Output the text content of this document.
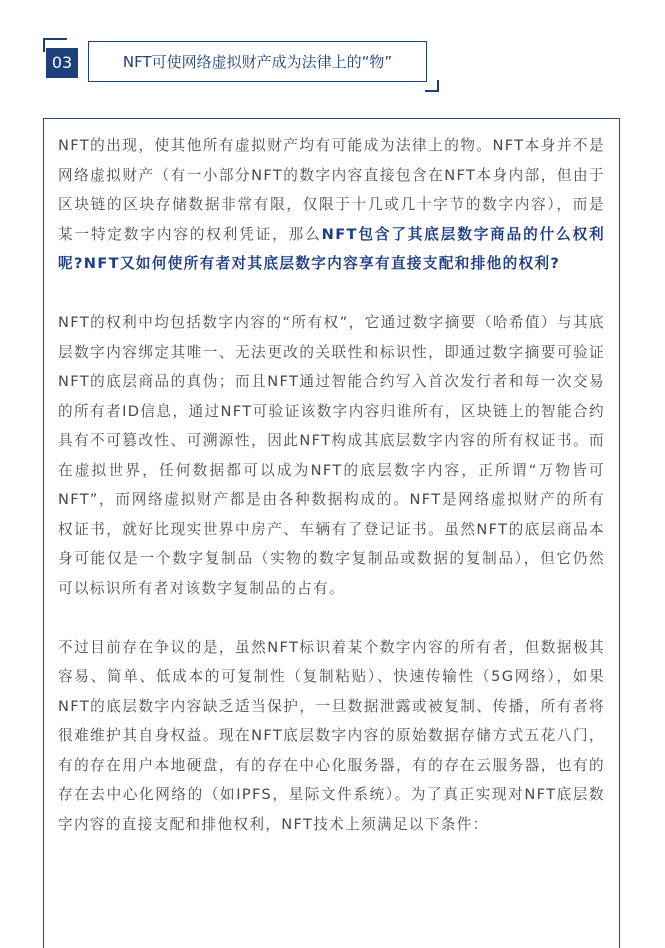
03	NFT可使网络虚拟财产成为法律上的“物”

NFT的出现，使其他所有虚拟财产均有可能成为法律上的物。NFT本身并不是网络虚拟财产（有一小部分NFT的数字内容直接包含在NFT本身内部，但由于区块链的区块存储数据非常有限，仅限于十几或几十字节的数字内容），而是某一特定数字内容的权利凭证，那么NFT包含了其底层数字商品的什么权利呢?NFT又如何使所有者对其底层数字内容享有直接支配和排他的权利?

NFT的权利中均包括数字内容的“所有权”，它通过数字摘要（哈希值）与其底层数字内容绑定其唯一、无法更改的关联性和标识性，即通过数字摘要可验证NFT的底层商品的真伪；而且NFT通过智能合约写入首次发行者和每一次交易的所有者ID信息，通过NFT可验证该数字内容归谁所有，区块链上的智能合约具有不可篡改性、可溯源性，因此NFT构成其底层数字内容的所有权证书。而在虚拟世界，任何数据都可以成为NFT的底层数字内容，正所谓“万物皆可NFT”，而网络虚拟财产都是由各种数据构成的。NFT是网络虚拟财产的所有权证书，就好比现实世界中房产、车辆有了登记证书。虽然NFT的底层商品本身可能仅是一个数字复制品（实物的数字复制品或数据的复制品），但它仍然可以标识所有者对该数字复制品的占有。

不过目前存在争议的是，虽然NFT标识着某个数字内容的所有者，但数据极其容易、简单、低成本的可复制性（复制粘贴）、快速传输性（5G网络），如果NFT的底层数字内容缺乏适当保护，一旦数据泄露或被复制、传播，所有者将很难维护其自身权益。现在NFT底层数字内容的原始数据存储方式五花八门，有的存在用户本地硬盘，有的存在中心化服务器，有的存在云服务器，也有的存在去中心化网络的（如IPFS，星际文件系统）。为了真正实现对NFT底层数字内容的直接支配和排他权利，NFT技术上须满足以下条件：
